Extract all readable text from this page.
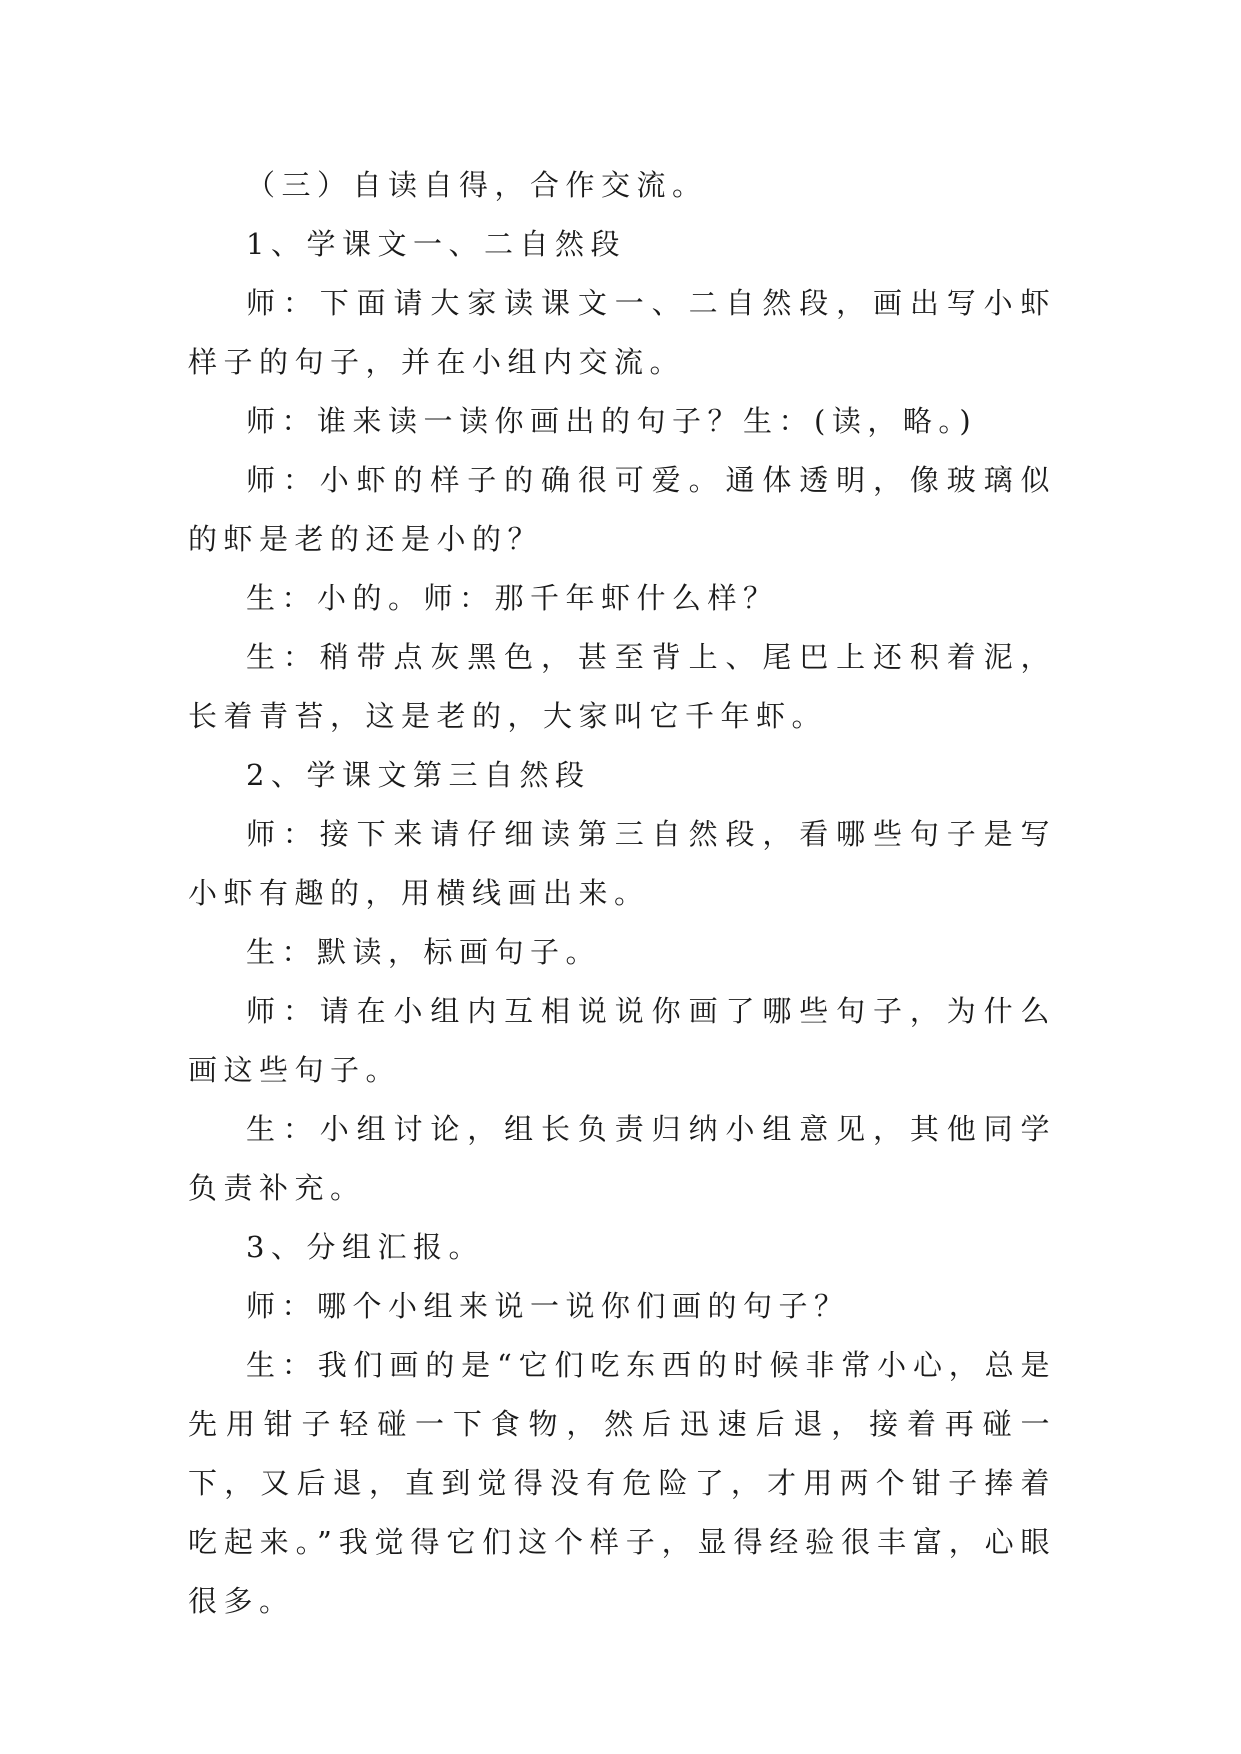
（三）自读自得，合作交流。

1、学课文一、二自然段

师：下面请大家读课文一、二自然段，画出写小虾样子的句子，并在小组内交流。

师：谁来读一读你画出的句子？生：(读，略。)

师：小虾的样子的确很可爱。通体透明，像玻璃似的虾是老的还是小的？

生：小的。师：那千年虾什么样？

生：稍带点灰黑色，甚至背上、尾巴上还积着泥，长着青苔，这是老的，大家叫它千年虾。

2、学课文第三自然段

师：接下来请仔细读第三自然段，看哪些句子是写小虾有趣的，用横线画出来。

生：默读，标画句子。

师：请在小组内互相说说你画了哪些句子，为什么画这些句子。

生：小组讨论，组长负责归纳小组意见，其他同学负责补充。

3、分组汇报。

师：哪个小组来说一说你们画的句子？

生：我们画的是“它们吃东西的时候非常小心，总是先用钳子轻碰一下食物，然后迅速后退，接着再碰一下，又后退，直到觉得没有危险了，才用两个钳子捧着吃起来。”我觉得它们这个样子，显得经验很丰富，心眼很多。
